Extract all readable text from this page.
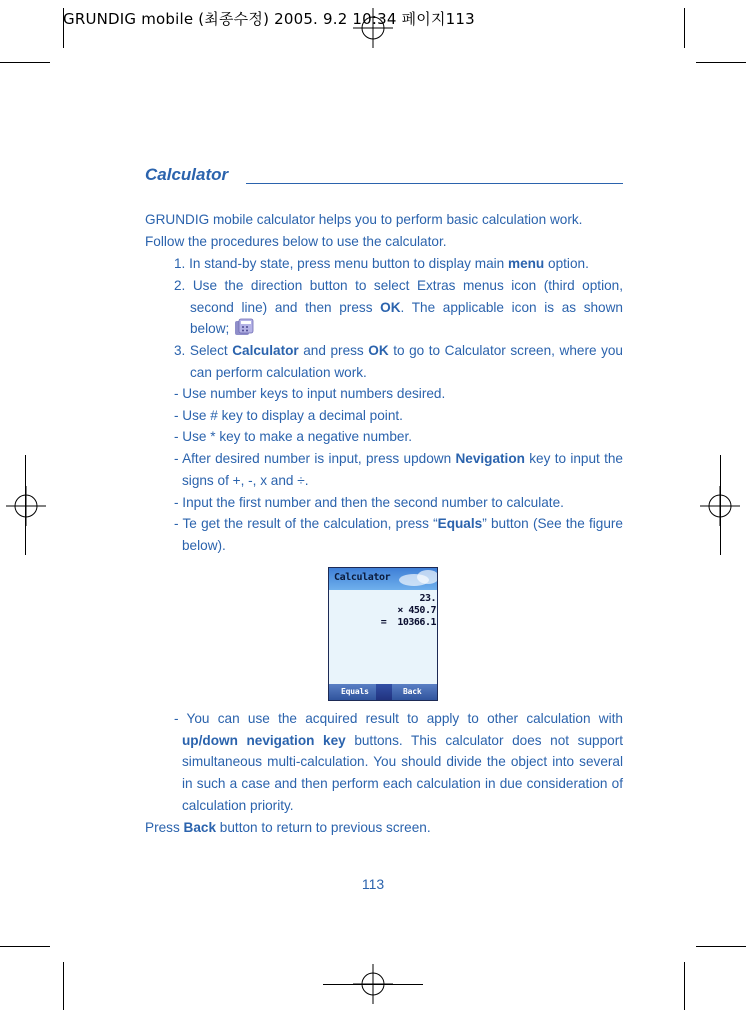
GRUNDIG mobile (최종수정) 2005. 9.2 10:34 페이지113
Calculator
GRUNDIG mobile calculator helps you to perform basic calculation work.
Follow the procedures below to use the calculator.
1. In stand-by state, press menu button to display main menu option.
2. Use the direction button to select Extras menus icon (third option, second line) and then press OK. The applicable icon is as shown below;
3. Select Calculator and press OK to go to Calculator screen, where you can perform calculation work.
- Use number keys to input numbers desired.
- Use # key to display a decimal point.
- Use * key to make a negative number.
- After desired number is input, press updown Nevigation key to input the signs of +, -, x and ÷.
- Input the first number and then the second number to calculate.
- Te get the result of the calculation, press “Equals” button (See the figure below).
Calculator
23.
× 450.7
=  10366.1
Equals	Back
- You can use the acquired result to apply to other calculation with up/down nevigation key buttons. This calculator does not support simultaneous multi-calculation. You should divide the object into several in such a case and then perform each calculation in due consideration of calculation priority.
Press Back button to return to previous screen.
113
